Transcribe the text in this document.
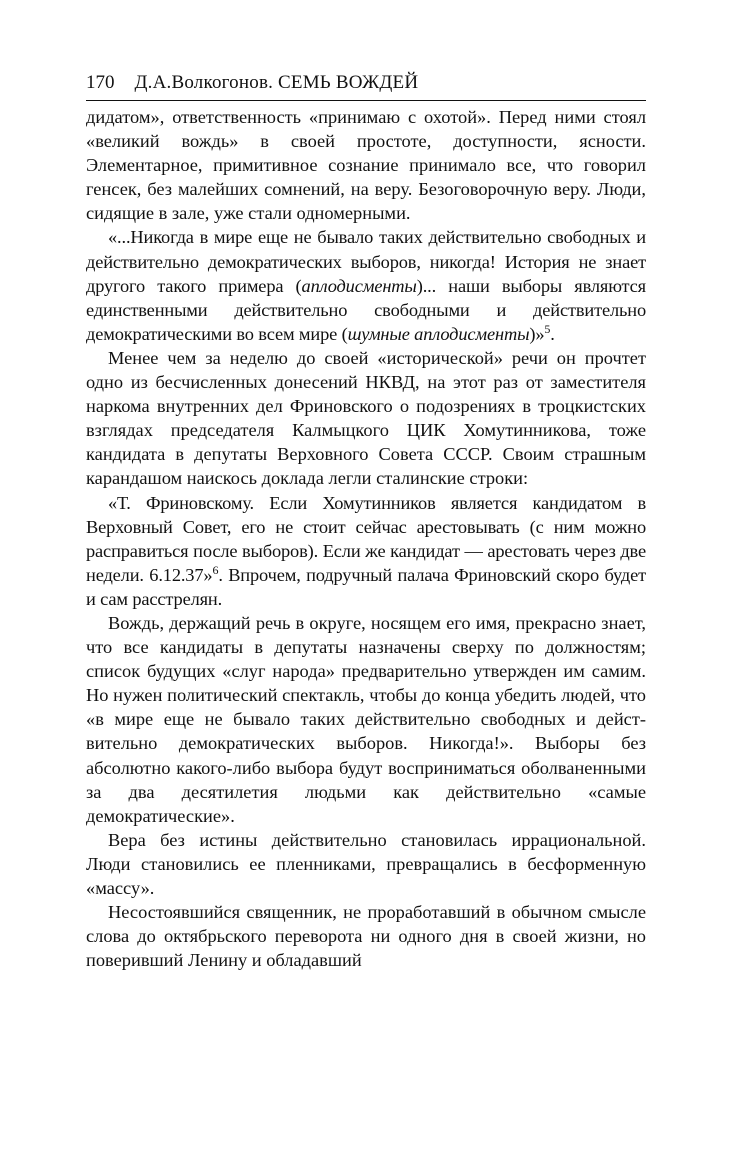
170 Д.А.Волкогонов. СЕМЬ ВОЖДЕЙ

дидатом», ответственность «принимаю с охотой». Перед ними стоял «великий вождь» в своей простоте, доступности, ясности. Элементарное, примитивное сознание принимало все, что говорил генсек, без малейших сомнений, на веру. Безоговорочную веру. Люди, сидящие в зале, уже стали одномерными.

«...Никогда в мире еще не бывало таких действительно свободных и действительно демократических выборов, никогда! История не знает другого такого примера (аплодисменты)... наши выборы являются единственными действительно свободными и действительно демократическими во всем мире (шумные аплодисменты)»$^5$.

Менее чем за неделю до своей «исторической» речи он прочтет одно из бесчисленных донесений НКВД, на этот раз от заместителя наркома внутренних дел Фриновского о подозрениях в троцкистских взглядах председателя Калмыцкого ЦИК Хомутинникова, тоже кандидата в депутаты Верховного Совета СССР. Своим страшным карандашом наискось доклада легли сталинские строки:

«Т. Фриновскому. Если Хомутинников является кандидатом в Верховный Совет, его не стоит сейчас арестовывать (с ним можно расправиться после выборов). Если же кандидат — арестовать через две недели. 6.12.37»$^6$. Впрочем, подручный палача Фриновский скоро будет и сам расстрелян.

Вождь, держащий речь в округе, носящем его имя, прекрасно знает, что все кандидаты в депутаты назначены сверху по должностям; список будущих «слуг народа» предварительно утвержден им самим. Но нужен политический спектакль, чтобы до конца убедить людей, что «в мире еще не бывало таких действительно свободных и действительно демократических выборов. Никогда!». Выборы без абсолютно какого-либо выбора будут восприниматься оболваненными за два десятилетия людьми как действительно «самые демократические».

Вера без истины действительно становилась иррациональной. Люди становились ее пленниками, превращались в бесформенную «массу».

Несостоявшийся священник, не проработавший в обычном смысле слова до октябрьского переворота ни одного дня в своей жизни, но поверивший Ленину и обладавший
